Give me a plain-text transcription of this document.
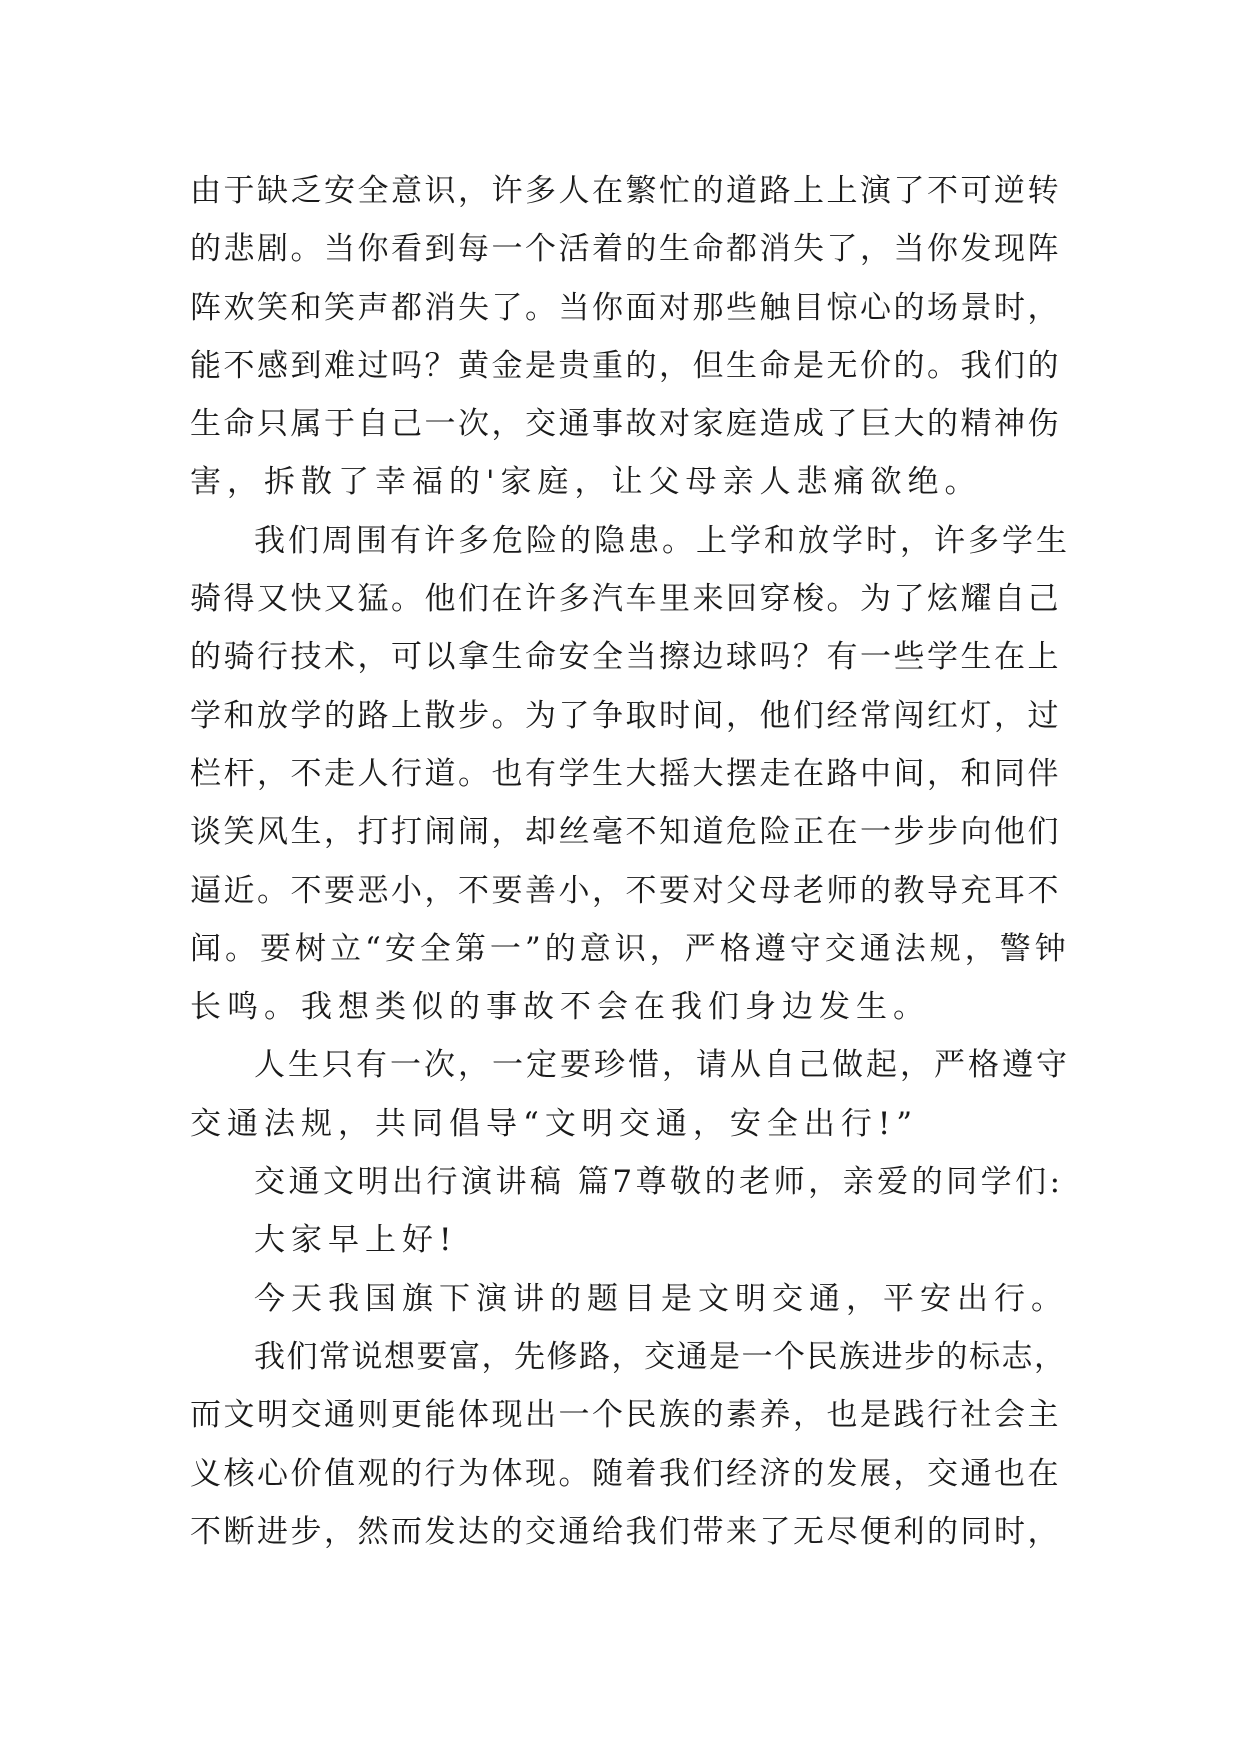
由于缺乏安全意识，许多人在繁忙的道路上上演了不可逆转
的悲剧。当你看到每一个活着的生命都消失了，当你发现阵
阵欢笑和笑声都消失了。当你面对那些触目惊心的场景时，
能不感到难过吗？黄金是贵重的，但生命是无价的。我们的
生命只属于自己一次，交通事故对家庭造成了巨大的精神伤
害，拆散了幸福的'家庭，让父母亲人悲痛欲绝。

我们周围有许多危险的隐患。上学和放学时，许多学生
骑得又快又猛。他们在许多汽车里来回穿梭。为了炫耀自己
的骑行技术，可以拿生命安全当擦边球吗？有一些学生在上
学和放学的路上散步。为了争取时间，他们经常闯红灯，过
栏杆，不走人行道。也有学生大摇大摆走在路中间，和同伴
谈笑风生，打打闹闹，却丝毫不知道危险正在一步步向他们
逼近。不要恶小，不要善小，不要对父母老师的教导充耳不
闻。要树立“安全第一”的意识，严格遵守交通法规，警钟
长鸣。我想类似的事故不会在我们身边发生。

人生只有一次，一定要珍惜，请从自己做起，严格遵守
交通法规，共同倡导“文明交通，安全出行!”

交通文明出行演讲稿 篇7尊敬的老师，亲爱的同学们:

大家早上好!

今天我国旗下演讲的题目是文明交通，平安出行。

我们常说想要富，先修路，交通是一个民族进步的标志，
而文明交通则更能体现出一个民族的素养，也是践行社会主
义核心价值观的行为体现。随着我们经济的发展，交通也在
不断进步，然而发达的交通给我们带来了无尽便利的同时，
